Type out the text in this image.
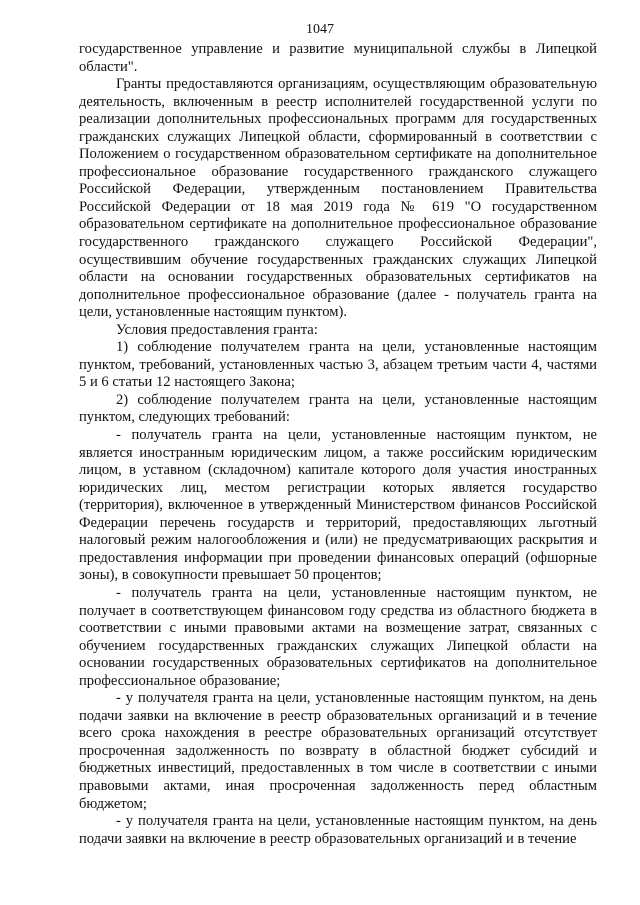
1047

государственное управление и развитие муниципальной службы в Липецкой области".

Гранты предоставляются организациям, осуществляющим образовательную деятельность, включенным в реестр исполнителей государственной услуги по реализации дополнительных профессиональных программ для государственных гражданских служащих Липецкой области, сформированный в соответствии с Положением о государственном образовательном сертификате на дополнительное профессиональное образование государственного гражданского служащего Российской Федерации, утвержденным постановлением Правительства Российской Федерации от 18 мая 2019 года № 619 "О государственном образовательном сертификате на дополнительное профессиональное образование государственного гражданского служащего Российской Федерации", осуществившим обучение государственных гражданских служащих Липецкой области на основании государственных образовательных сертификатов на дополнительное профессиональное образование (далее - получатель гранта на цели, установленные настоящим пунктом).

Условия предоставления гранта:

1) соблюдение получателем гранта на цели, установленные настоящим пунктом, требований, установленных частью 3, абзацем третьим части 4, частями 5 и 6 статьи 12 настоящего Закона;

2) соблюдение получателем гранта на цели, установленные настоящим пунктом, следующих требований:

- получатель гранта на цели, установленные настоящим пунктом, не является иностранным юридическим лицом, а также российским юридическим лицом, в уставном (складочном) капитале которого доля участия иностранных юридических лиц, местом регистрации которых является государство (территория), включенное в утвержденный Министерством финансов Российской Федерации перечень государств и территорий, предоставляющих льготный налоговый режим налогообложения и (или) не предусматривающих раскрытия и предоставления информации при проведении финансовых операций (офшорные зоны), в совокупности превышает 50 процентов;

- получатель гранта на цели, установленные настоящим пунктом, не получает в соответствующем финансовом году средства из областного бюджета в соответствии с иными правовыми актами на возмещение затрат, связанных с обучением государственных гражданских служащих Липецкой области на основании государственных образовательных сертификатов на дополнительное профессиональное образование;

- у получателя гранта на цели, установленные настоящим пунктом, на день подачи заявки на включение в реестр образовательных организаций и в течение всего срока нахождения в реестре образовательных организаций отсутствует просроченная задолженность по возврату в областной бюджет субсидий и бюджетных инвестиций, предоставленных в том числе в соответствии с иными правовыми актами, иная просроченная задолженность перед областным бюджетом;

- у получателя гранта на цели, установленные настоящим пунктом, на день подачи заявки на включение в реестр образовательных организаций и в течение
